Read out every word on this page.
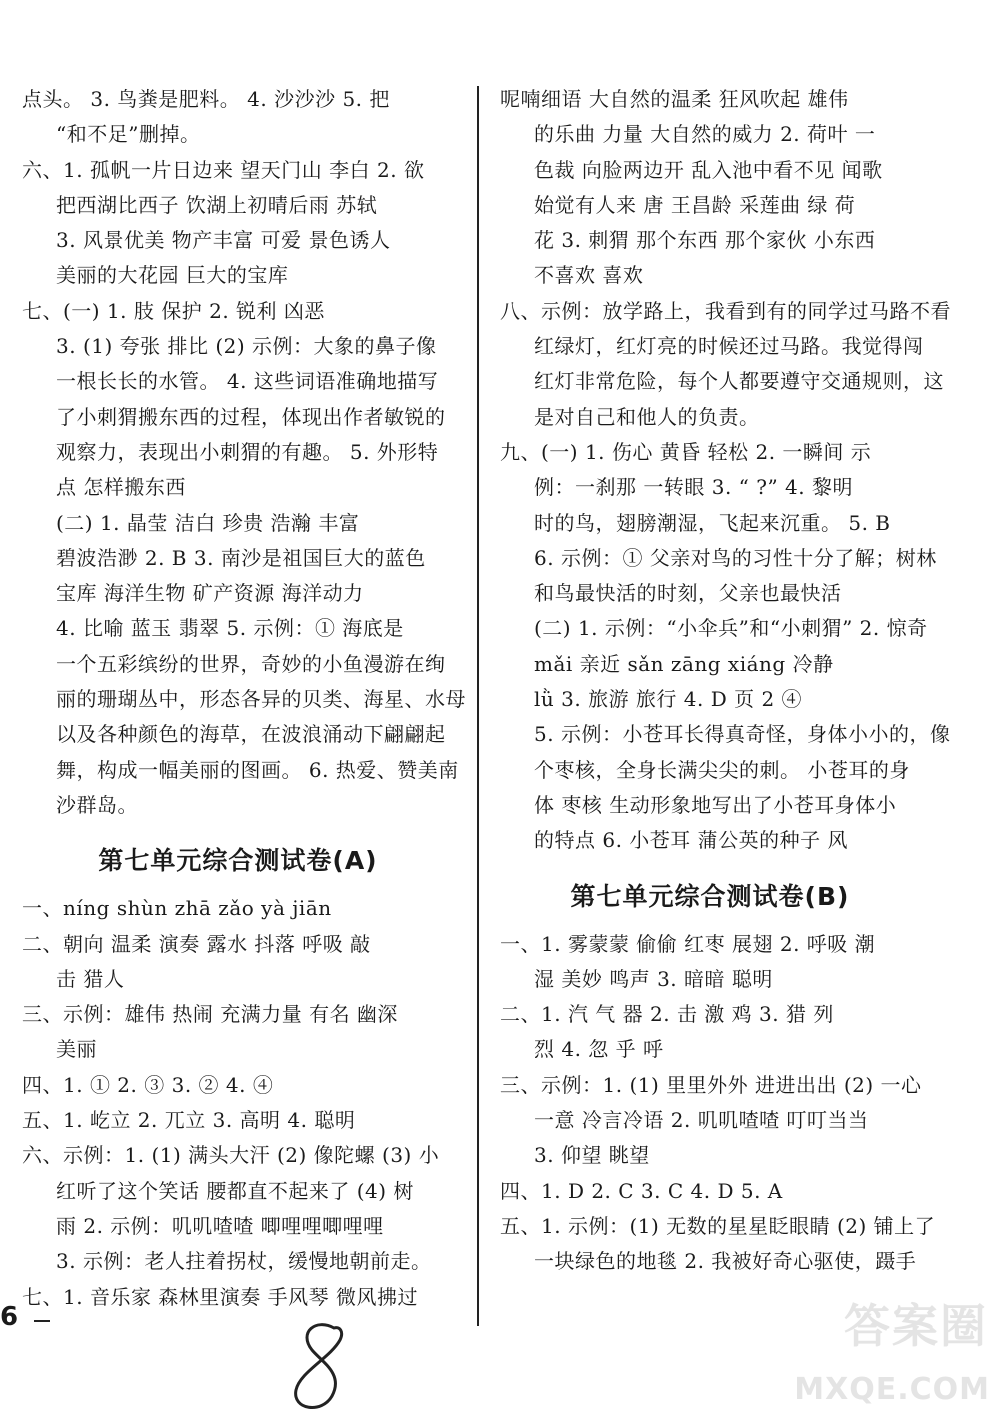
点头。 3. 鸟粪是肥料。 4. 沙沙沙 5. 把
“和不足”删掉。
六、1. 孤帆一片日边来 望天门山 李白 2. 欲
把西湖比西子 饮湖上初晴后雨 苏轼
3. 风景优美 物产丰富 可爱 景色诱人
美丽的大花园 巨大的宝库
七、(一) 1. 肢 保护 2. 锐利 凶恶
3. (1) 夸张 排比 (2) 示例：大象的鼻子像
一根长长的水管。 4. 这些词语准确地描写
了小刺猬搬东西的过程，体现出作者敏锐的
观察力，表现出小刺猬的有趣。 5. 外形特
点 怎样搬东西
(二) 1. 晶莹 洁白 珍贵 浩瀚 丰富
碧波浩渺 2. B 3. 南沙是祖国巨大的蓝色
宝库 海洋生物 矿产资源 海洋动力
4. 比喻 蓝玉 翡翠 5. 示例：① 海底是
一个五彩缤纷的世界，奇妙的小鱼漫游在绚
丽的珊瑚丛中，形态各异的贝类、海星、水母
以及各种颜色的海草，在波浪涌动下翩翩起
舞，构成一幅美丽的图画。 6. 热爱、赞美南
沙群岛。
第七单元综合测试卷(A)
一、níng shùn zhā zǎo yà jiān
二、朝向 温柔 演奏 露水 抖落 呼吸 敲
击 猎人
三、示例：雄伟 热闹 充满力量 有名 幽深
美丽
四、1. ① 2. ③ 3. ② 4. ④
五、1. 屹立 2. 兀立 3. 高明 4. 聪明
六、示例：1. (1) 满头大汗 (2) 像陀螺 (3) 小
红听了这个笑话 腰都直不起来了 (4) 树
雨 2. 示例：叽叽喳喳 唧哩哩唧哩哩
3. 示例：老人拄着拐杖，缓慢地朝前走。
七、1. 音乐家 森林里演奏 手风琴 微风拂过
呢喃细语 大自然的温柔 狂风吹起 雄伟
的乐曲 力量 大自然的威力 2. 荷叶 一
色裁 向脸两边开 乱入池中看不见 闻歌
始觉有人来 唐 王昌龄 采莲曲 绿 荷
花 3. 刺猬 那个东西 那个家伙 小东西
不喜欢 喜欢
八、示例：放学路上，我看到有的同学过马路不看
红绿灯，红灯亮的时候还过马路。我觉得闯
红灯非常危险，每个人都要遵守交通规则，这
是对自己和他人的负责。
九、(一) 1. 伤心 黄昏 轻松 2. 一瞬间 示
例：一刹那 一转眼 3. “ ?” 4. 黎明
时的鸟，翅膀潮湿，飞起来沉重。 5. B
6. 示例：① 父亲对鸟的习性十分了解；树林
和鸟最快活的时刻，父亲也最快活
(二) 1. 示例：“小伞兵”和“小刺猬” 2. 惊奇
mǎi 亲近 sǎn zāng xiáng 冷静
lǜ 3. 旅游 旅行 4. D 页 2 ④
5. 示例：小苍耳长得真奇怪，身体小小的，像
个枣核，全身长满尖尖的刺。 小苍耳的身
体 枣核 生动形象地写出了小苍耳身体小
的特点 6. 小苍耳 蒲公英的种子 风
第七单元综合测试卷(B)
一、1. 雾蒙蒙 偷偷 红枣 展翅 2. 呼吸 潮
湿 美妙 鸣声 3. 暗暗 聪明
二、1. 汽 气 器 2. 击 激 鸡 3. 猎 列
烈 4. 忽 乎 呼
三、示例：1. (1) 里里外外 进进出出 (2) 一心
一意 冷言冷语 2. 叽叽喳喳 叮叮当当
3. 仰望 眺望
四、1. D 2. C 3. C 4. D 5. A
五、1. 示例：(1) 无数的星星眨眼睛 (2) 铺上了
一块绿色的地毯 2. 我被好奇心驱使，蹑手
6	8	答案圈
MXQE.COM
